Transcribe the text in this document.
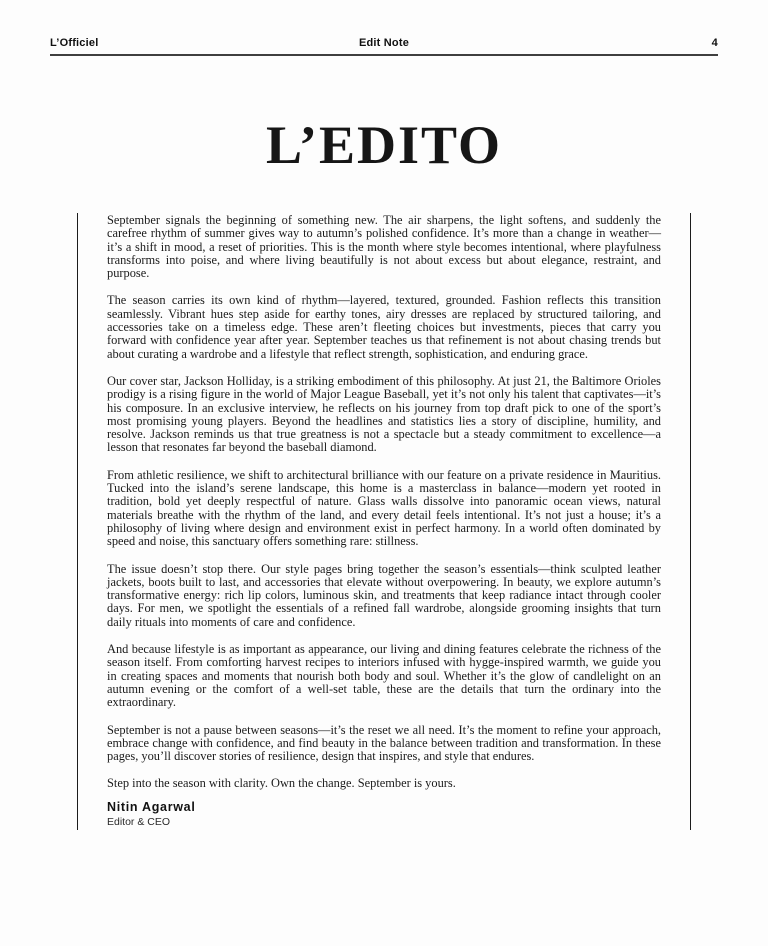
L’Officiel	Edit Note	4
L’EDITO

September signals the beginning of something new. The air sharpens, the light softens, and suddenly the carefree rhythm of summer gives way to autumn’s polished confidence. It’s more than a change in weather—it’s a shift in mood, a reset of priorities. This is the month where style becomes intentional, where playfulness transforms into poise, and where living beautifully is not about excess but about elegance, restraint, and purpose.

The season carries its own kind of rhythm—layered, textured, grounded. Fashion reflects this transition seamlessly. Vibrant hues step aside for earthy tones, airy dresses are replaced by structured tailoring, and accessories take on a timeless edge. These aren’t fleeting choices but investments, pieces that carry you forward with confidence year after year. September teaches us that refinement is not about chasing trends but about curating a wardrobe and a lifestyle that reflect strength, sophistication, and enduring grace.

Our cover star, Jackson Holliday, is a striking embodiment of this philosophy. At just 21, the Baltimore Orioles prodigy is a rising figure in the world of Major League Baseball, yet it’s not only his talent that captivates—it’s his composure. In an exclusive interview, he reflects on his journey from top draft pick to one of the sport’s most promising young players. Beyond the headlines and statistics lies a story of discipline, humility, and resolve. Jackson reminds us that true greatness is not a spectacle but a steady commitment to excellence—a lesson that resonates far beyond the baseball diamond.

From athletic resilience, we shift to architectural brilliance with our feature on a private residence in Mauritius. Tucked into the island’s serene landscape, this home is a masterclass in balance—modern yet rooted in tradition, bold yet deeply respectful of nature. Glass walls dissolve into panoramic ocean views, natural materials breathe with the rhythm of the land, and every detail feels intentional. It’s not just a house; it’s a philosophy of living where design and environment exist in perfect harmony. In a world often dominated by speed and noise, this sanctuary offers something rare: stillness.

The issue doesn’t stop there. Our style pages bring together the season’s essentials—think sculpted leather jackets, boots built to last, and accessories that elevate without overpowering. In beauty, we explore autumn’s transformative energy: rich lip colors, luminous skin, and treatments that keep radiance intact through cooler days. For men, we spotlight the essentials of a refined fall wardrobe, alongside grooming insights that turn daily rituals into moments of care and confidence.

And because lifestyle is as important as appearance, our living and dining features celebrate the richness of the season itself. From comforting harvest recipes to interiors infused with hygge-inspired warmth, we guide you in creating spaces and moments that nourish both body and soul. Whether it’s the glow of candlelight on an autumn evening or the comfort of a well-set table, these are the details that turn the ordinary into the extraordinary.

September is not a pause between seasons—it’s the reset we all need. It’s the moment to refine your approach, embrace change with confidence, and find beauty in the balance between tradition and transformation. In these pages, you’ll discover stories of resilience, design that inspires, and style that endures.

Step into the season with clarity. Own the change. September is yours.

Nitin Agarwal
Editor & CEO
